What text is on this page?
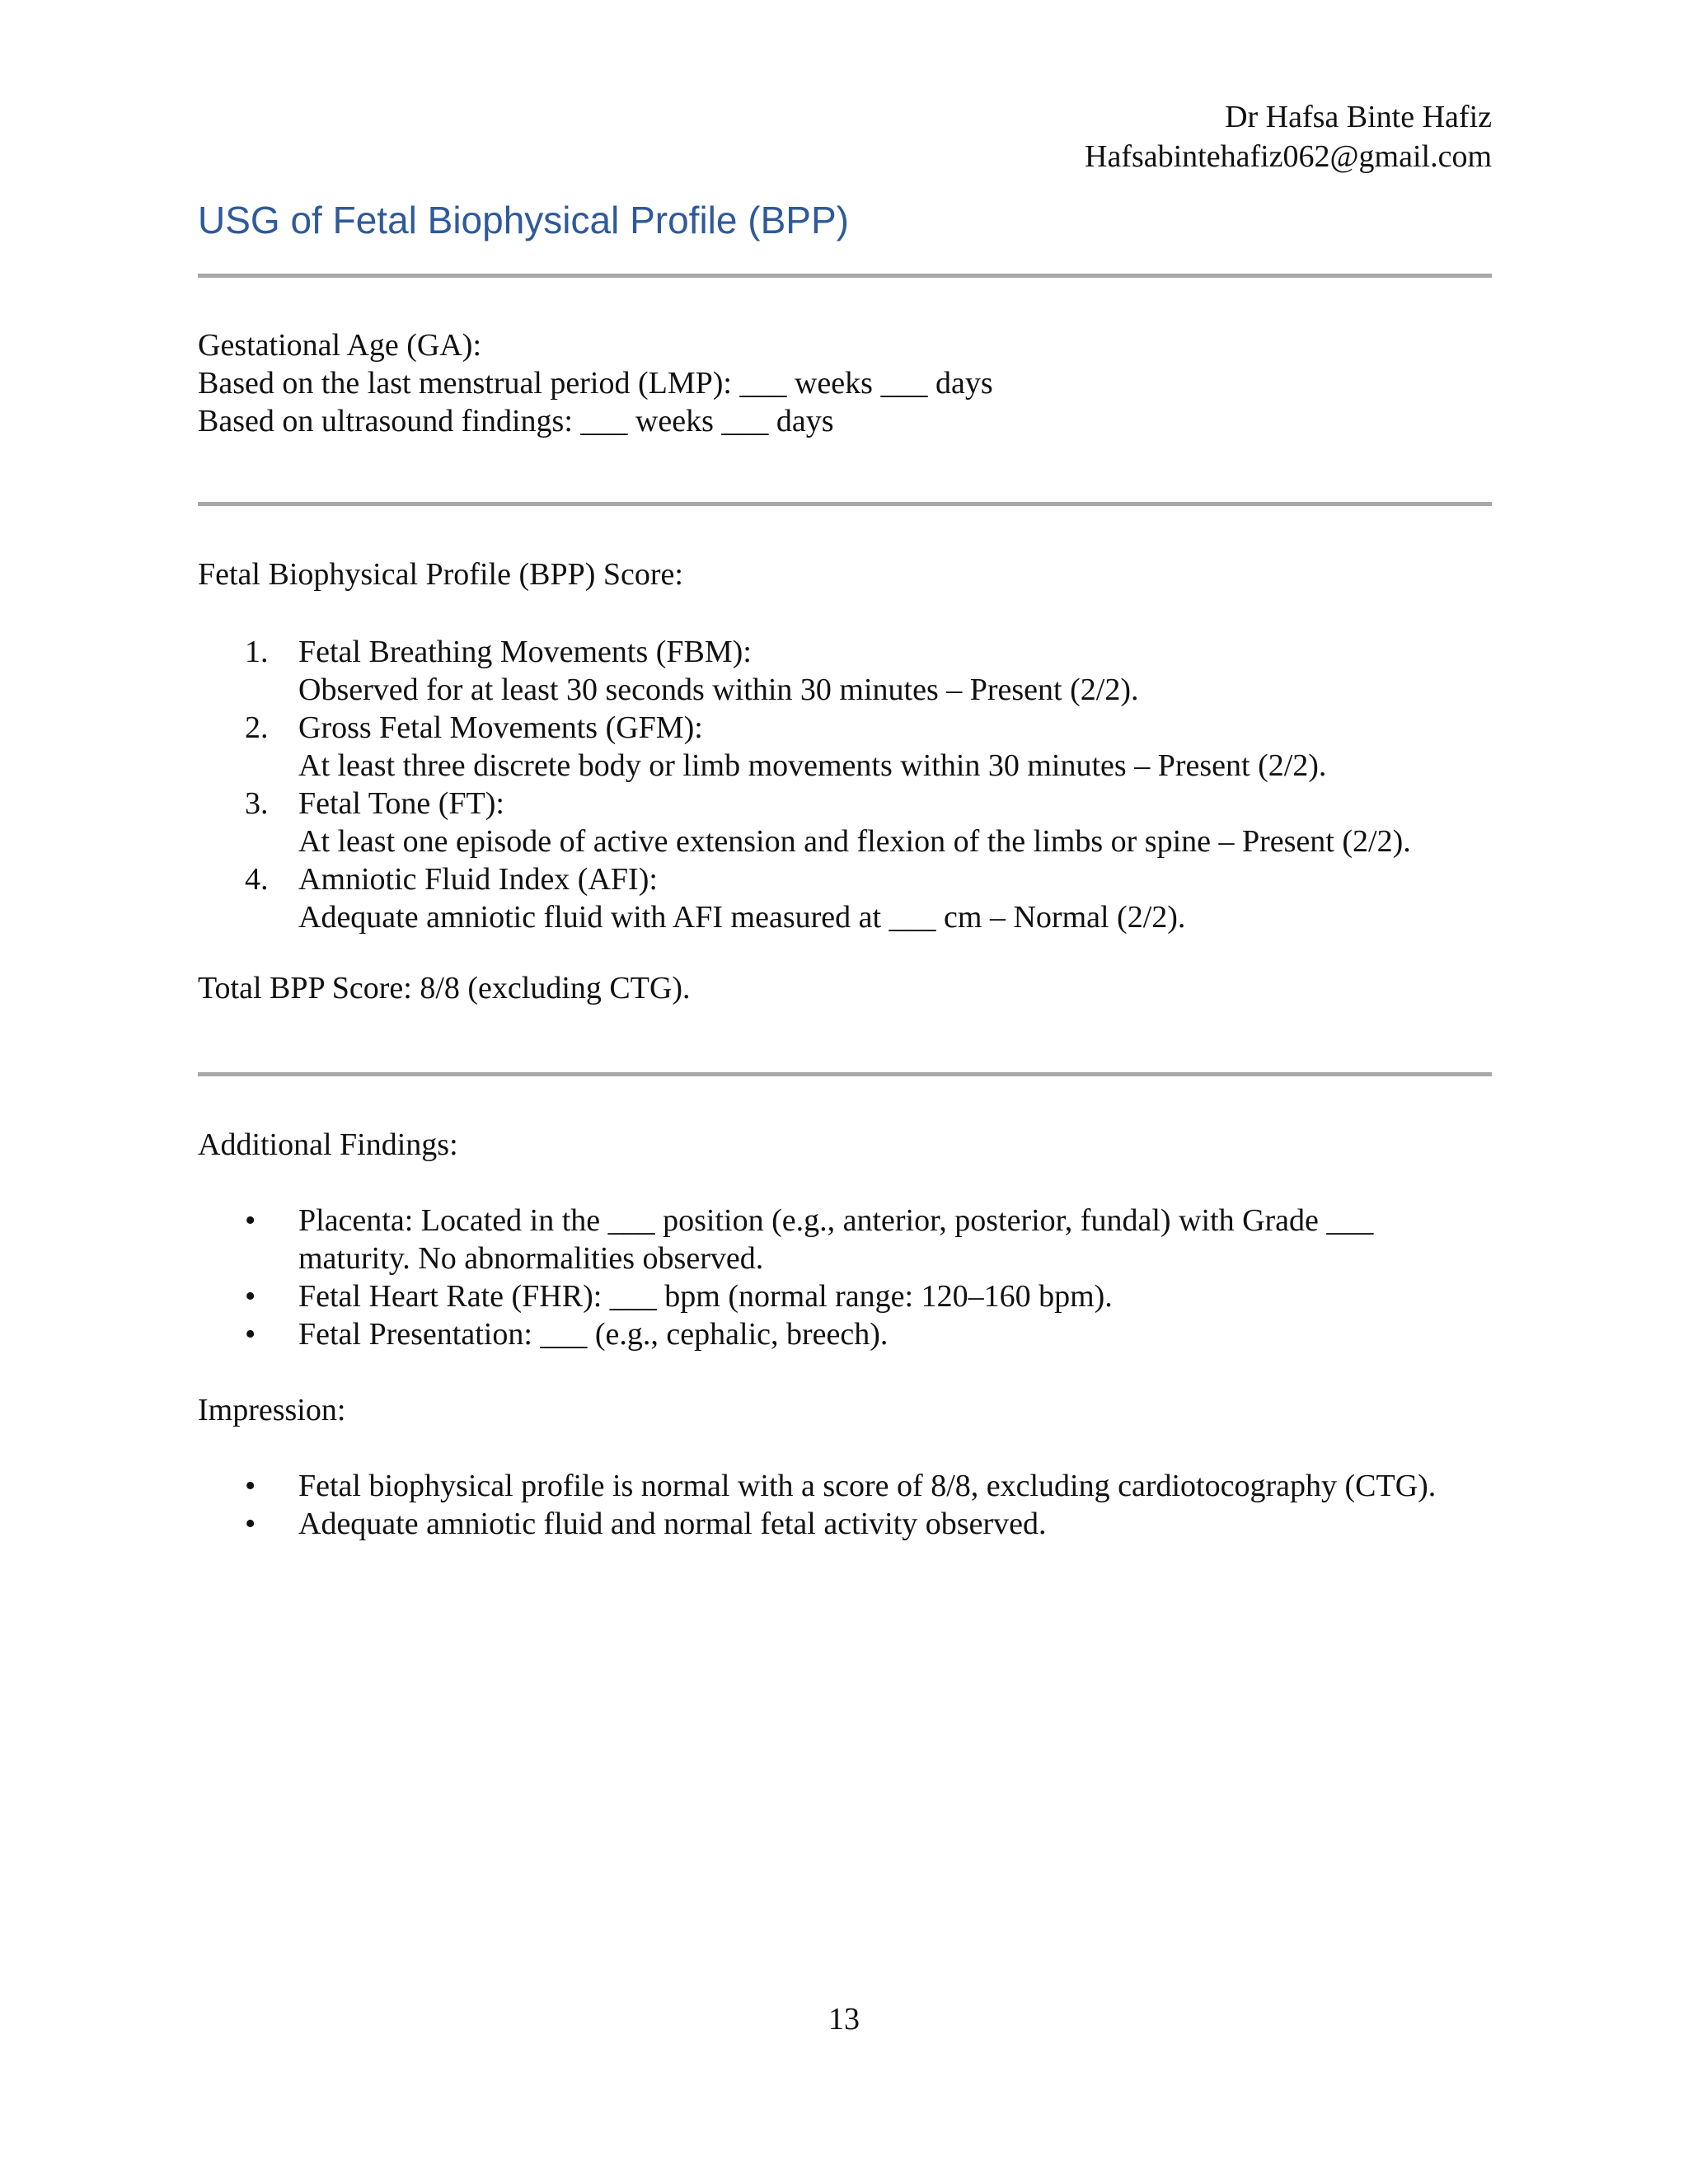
Dr Hafsa Binte Hafiz
Hafsabintehafiz062@gmail.com
USG of Fetal Biophysical Profile (BPP)

Gestational Age (GA):

Based on the last menstrual period (LMP): ___ weeks ___ days

Based on ultrasound findings: ___ weeks ___ days

Fetal Biophysical Profile (BPP) Score:

1. Fetal Breathing Movements (FBM):
Observed for at least 30 seconds within 30 minutes – Present (2/2).
2. Gross Fetal Movements (GFM):
At least three discrete body or limb movements within 30 minutes – Present (2/2).
3. Fetal Tone (FT):
At least one episode of active extension and flexion of the limbs or spine – Present (2/2).
4. Amniotic Fluid Index (AFI):
Adequate amniotic fluid with AFI measured at ___ cm – Normal (2/2).

Total BPP Score: 8/8 (excluding CTG).

Additional Findings:

• Placenta: Located in the ___ position (e.g., anterior, posterior, fundal) with Grade ___ maturity. No abnormalities observed.
• Fetal Heart Rate (FHR): ___ bpm (normal range: 120–160 bpm).
• Fetal Presentation: ___ (e.g., cephalic, breech).

Impression:

• Fetal biophysical profile is normal with a score of 8/8, excluding cardiotocography (CTG).
• Adequate amniotic fluid and normal fetal activity observed.
13
